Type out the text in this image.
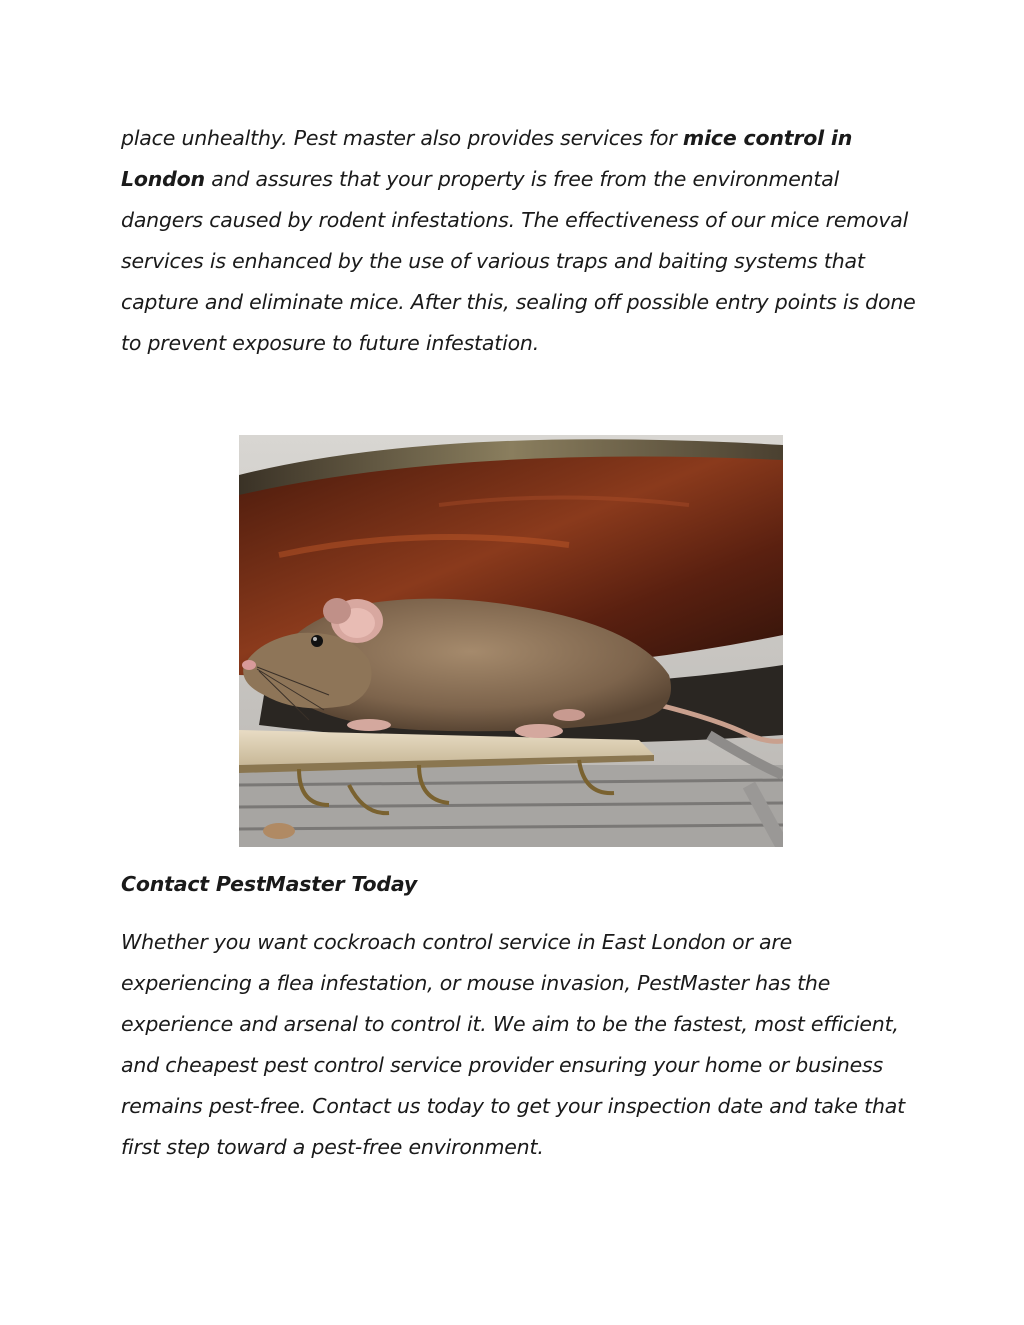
place unhealthy. Pest master also provides services for mice control in London and assures that your property is free from the environmental dangers caused by rodent infestations. The effectiveness of our mice removal services is enhanced by the use of various traps and baiting systems that capture and eliminate mice. After this, sealing off possible entry points is done to prevent exposure to future infestation.

Contact PestMaster Today

Whether you want cockroach control service in East London or are experiencing a flea infestation, or mouse invasion, PestMaster has the experience and arsenal to control it. We aim to be the fastest, most efficient, and cheapest pest control service provider ensuring your home or business remains pest-free. Contact us today to get your inspection date and take that first step toward a pest-free environment.
